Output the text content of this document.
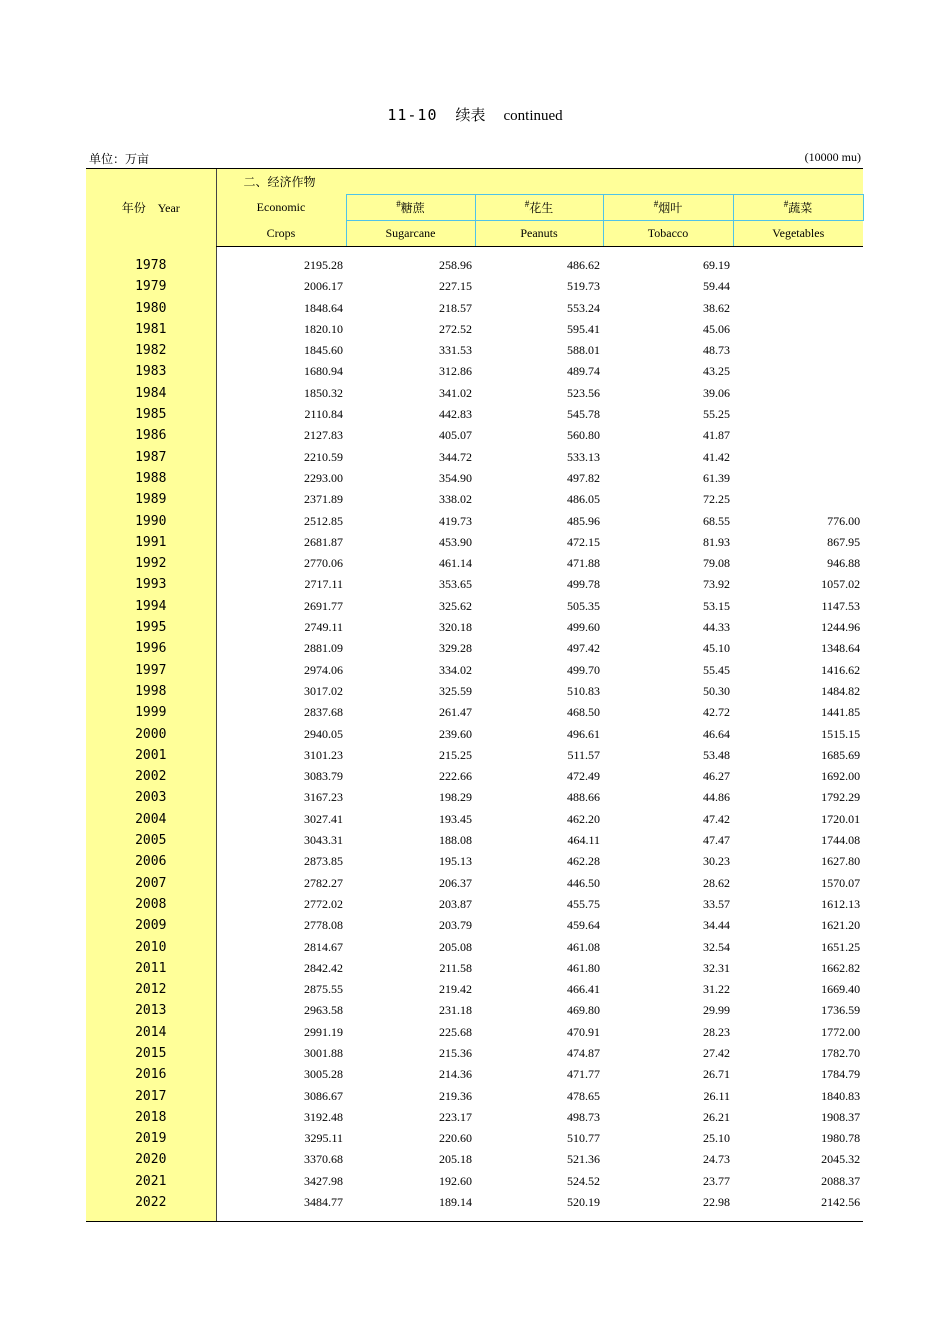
11-10 续表 continued
单位：万亩	(10000 mu)
年份　Year	二、经济作物				
	Economic	#糖蔗	#花生	#烟叶	#蔬菜
	Crops	Sugarcane	Peanuts	Tobacco	Vegetables

1978	2195.28	258.96	486.62	69.19	
1979	2006.17	227.15	519.73	59.44	
1980	1848.64	218.57	553.24	38.62	
1981	1820.10	272.52	595.41	45.06	
1982	1845.60	331.53	588.01	48.73	
1983	1680.94	312.86	489.74	43.25	
1984	1850.32	341.02	523.56	39.06	
1985	2110.84	442.83	545.78	55.25	
1986	2127.83	405.07	560.80	41.87	
1987	2210.59	344.72	533.13	41.42	
1988	2293.00	354.90	497.82	61.39	
1989	2371.89	338.02	486.05	72.25	
1990	2512.85	419.73	485.96	68.55	776.00
1991	2681.87	453.90	472.15	81.93	867.95
1992	2770.06	461.14	471.88	79.08	946.88
1993	2717.11	353.65	499.78	73.92	1057.02
1994	2691.77	325.62	505.35	53.15	1147.53
1995	2749.11	320.18	499.60	44.33	1244.96
1996	2881.09	329.28	497.42	45.10	1348.64
1997	2974.06	334.02	499.70	55.45	1416.62
1998	3017.02	325.59	510.83	50.30	1484.82
1999	2837.68	261.47	468.50	42.72	1441.85
2000	2940.05	239.60	496.61	46.64	1515.15
2001	3101.23	215.25	511.57	53.48	1685.69
2002	3083.79	222.66	472.49	46.27	1692.00
2003	3167.23	198.29	488.66	44.86	1792.29
2004	3027.41	193.45	462.20	47.42	1720.01
2005	3043.31	188.08	464.11	47.47	1744.08
2006	2873.85	195.13	462.28	30.23	1627.80
2007	2782.27	206.37	446.50	28.62	1570.07
2008	2772.02	203.87	455.75	33.57	1612.13
2009	2778.08	203.79	459.64	34.44	1621.20
2010	2814.67	205.08	461.08	32.54	1651.25
2011	2842.42	211.58	461.80	32.31	1662.82
2012	2875.55	219.42	466.41	31.22	1669.40
2013	2963.58	231.18	469.80	29.99	1736.59
2014	2991.19	225.68	470.91	28.23	1772.00
2015	3001.88	215.36	474.87	27.42	1782.70
2016	3005.28	214.36	471.77	26.71	1784.79
2017	3086.67	219.36	478.65	26.11	1840.83
2018	3192.48	223.17	498.73	26.21	1908.37
2019	3295.11	220.60	510.77	25.10	1980.78
2020	3370.68	205.18	521.36	24.73	2045.32
2021	3427.98	192.60	524.52	23.77	2088.37
2022	3484.77	189.14	520.19	22.98	2142.56
